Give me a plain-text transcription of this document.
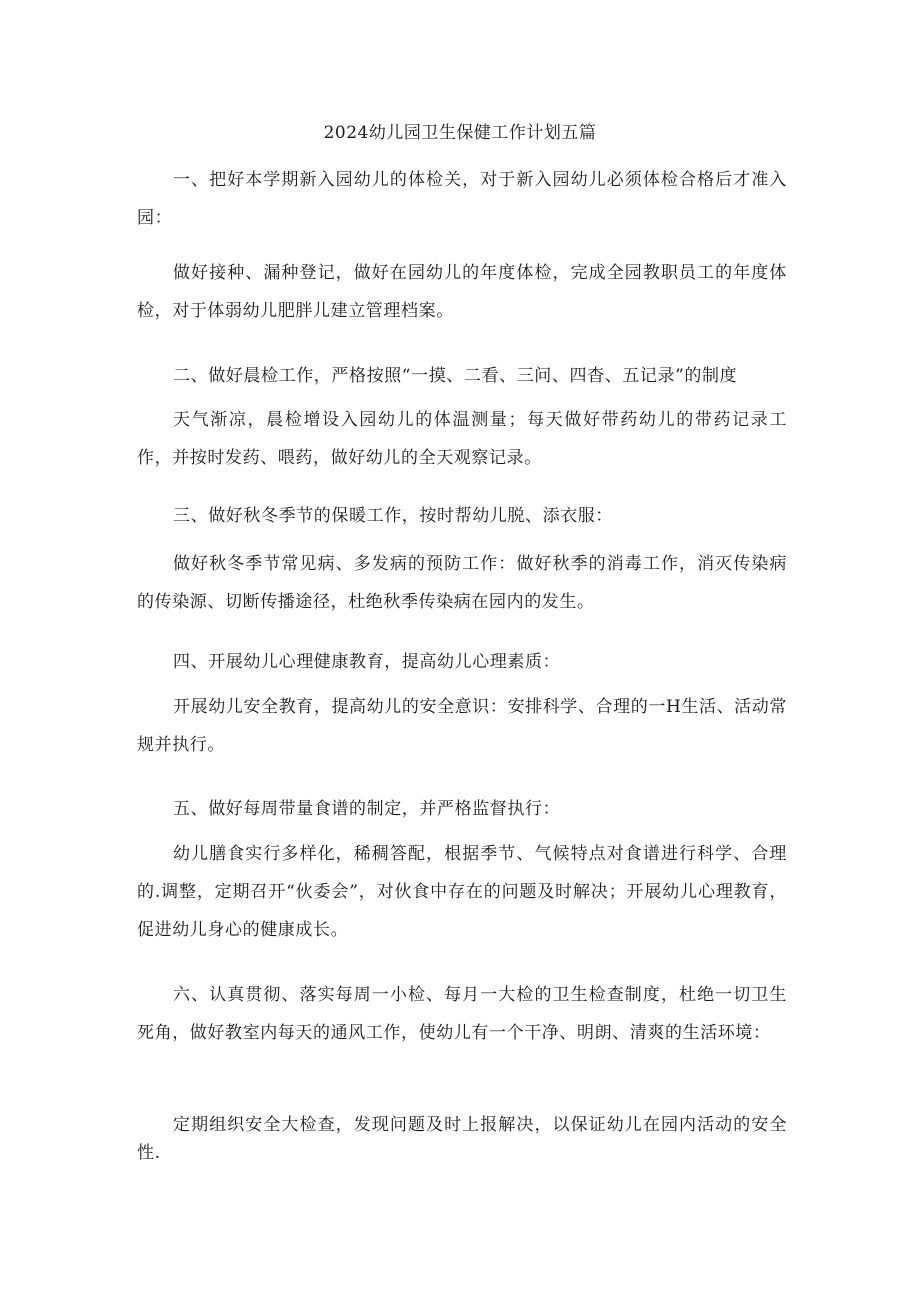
2024幼儿园卫生保健工作计划五篇

一、把好本学期新入园幼儿的体检关，对于新入园幼儿必须体检合格后才准入园：

做好接种、漏种登记，做好在园幼儿的年度体检，完成全园教职员工的年度体检，对于体弱幼儿肥胖儿建立管理档案。

二、做好晨检工作，严格按照“一摸、二看、三问、四杳、五记录”的制度

天气渐凉，晨检增设入园幼儿的体温测量；每天做好带药幼儿的带药记录工作，并按时发药、喂药，做好幼儿的全天观察记录。

三、做好秋冬季节的保暖工作，按时帮幼儿脱、添衣服：

做好秋冬季节常见病、多发病的预防工作：做好秋季的消毒工作，消灭传染病的传染源、切断传播途径，杜绝秋季传染病在园内的发生。

四、开展幼儿心理健康教育，提高幼儿心理素质：

开展幼儿安全教育，提高幼儿的安全意识：安排科学、合理的一H生活、活动常规并执行。

五、做好每周带量食谱的制定，并严格监督执行：

幼儿膳食实行多样化，稀稠答配，根据季节、气候特点对食谱进行科学、合理的.调整，定期召开“伙委会”，对伙食中存在的问题及时解决；开展幼儿心理教育，促进幼儿身心的健康成长。

六、认真贯彻、落实每周一小检、每月一大检的卫生检查制度，杜绝一切卫生死角，做好教室内每天的通风工作，使幼儿有一个干净、明朗、清爽的生活环境：

定期组织安全大检查，发现问题及时上报解决，以保证幼儿在园内活动的安全性.
